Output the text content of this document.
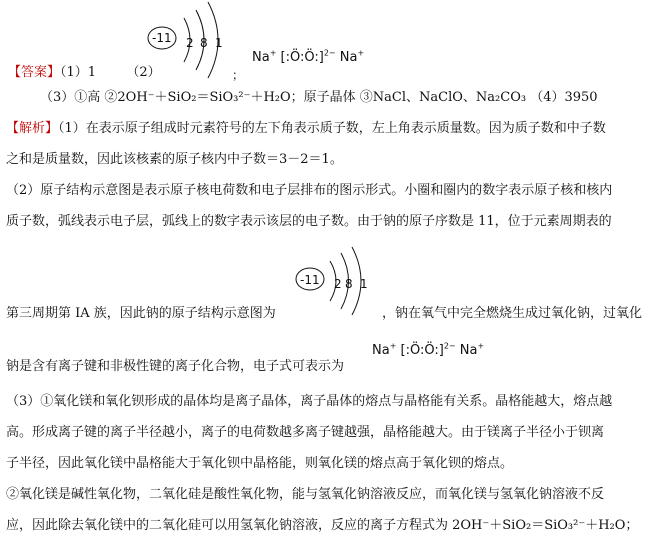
-11 2 8 1
Na+ [:Ö:Ö:]$^{2-}$ Na+
【答案】（1）1 （2）	；
（3）①高 ②2OH⁻＋SiO₂＝SiO₃²⁻＋H₂O；原子晶体 ③NaCl、NaClO、Na₂CO₃ （4）3950
【解析】（1）在表示原子组成时元素符号的左下角表示质子数，左上角表示质量数。因为质子数和中子数
之和是质量数，因此该核素的原子核内中子数＝3－2＝1。
（2）原子结构示意图是表示原子核电荷数和电子层排布的图示形式。小圈和圈内的数字表示原子核和核内
质子数，弧线表示电子层，弧线上的数字表示该层的电子数。由于钠的原子序数是 11，位于元素周期表的
-11 2 8 1
第三周期第 IA 族，因此钠的原子结构示意图为	，钠在氧气中完全燃烧生成过氧化钠，过氧化
Na+ [:Ö:Ö:]$^{2-}$ Na+
钠是含有离子键和非极性键的离子化合物，电子式可表示为
（3）①氧化镁和氧化钡形成的晶体均是离子晶体，离子晶体的熔点与晶格能有关系。晶格能越大，熔点越
高。形成离子键的离子半径越小，离子的电荷数越多离子键越强，晶格能越大。由于镁离子半径小于钡离
子半径，因此氧化镁中晶格能大于氧化钡中晶格能，则氧化镁的熔点高于氧化钡的熔点。
②氧化镁是碱性氧化物，二氧化硅是酸性氧化物，能与氢氧化钠溶液反应，而氧化镁与氢氧化钠溶液不反
应，因此除去氧化镁中的二氧化硅可以用氢氧化钠溶液，反应的离子方程式为 2OH⁻＋SiO₂＝SiO₃²⁻＋H₂O；
